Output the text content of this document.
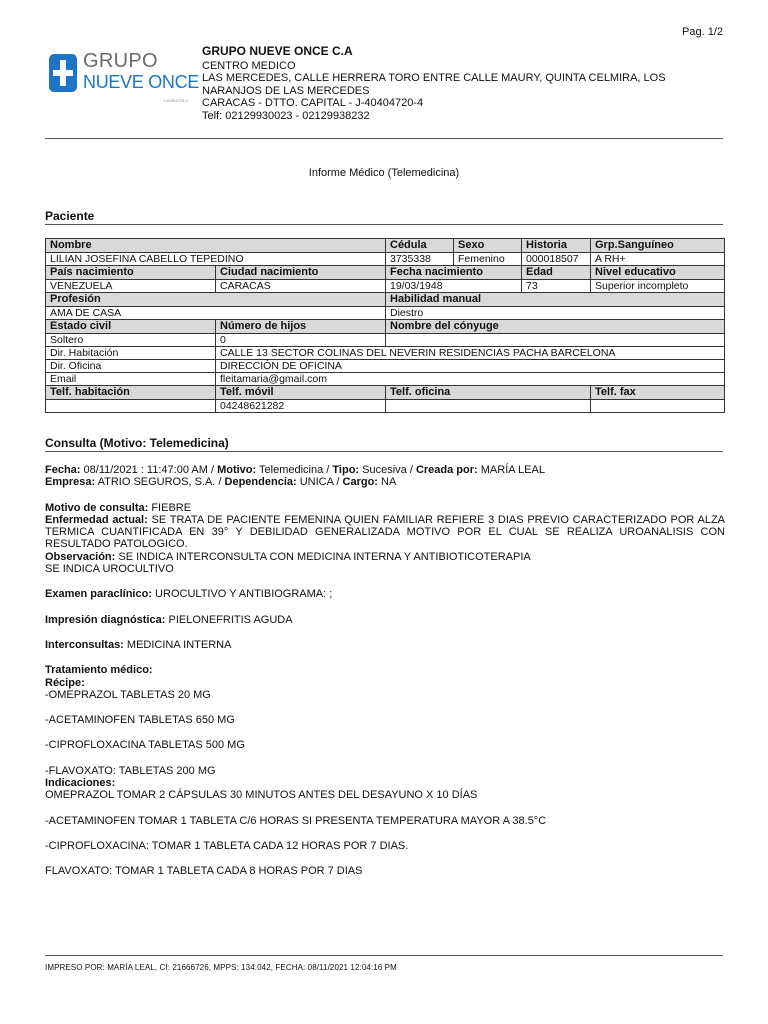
Pag. 1/2
GRUPO
NUEVE ONCE
J-40404720-4
GRUPO NUEVE ONCE C.A
CENTRO MEDICO
LAS MERCEDES, CALLE HERRERA TORO ENTRE CALLE MAURY, QUINTA CELMIRA, LOS NARANJOS DE LAS MERCEDES
CARACAS - DTTO. CAPITAL - J-40404720-4
Telf: 02129930023 - 02129938232
Informe Médico (Telemedicina)
Paciente
Nombre		Cédula	Sexo	Historia	Grp.Sanguíneo
LILIAN JOSEFINA CABELLO TEPEDINO		3735338	Femenino	000018507	A RH+
País nacimiento	Ciudad nacimiento	Fecha nacimiento		Edad	Nivel educativo
VENEZUELA	CARACAS	19/03/1948		73	Superior incompleto
Profesión		Habilidad manual			
AMA DE CASA		Diestro			
Estado civil	Número de hijos	Nombre del cónyuge			
Soltero	0				
Dir. Habitación	CALLE 13 SECTOR COLINAS DEL NEVERIN RESIDENCIAS PACHA BARCELONA				
Dir. Oficina	DIRECCIÓN DE OFICINA				
Email	fleitamaria@gmail.com				
Telf. habitación	Telf. móvil	Telf. oficina			Telf. fax
	04248621282				
Consulta (Motivo: Telemedicina)

Fecha: 08/11/2021 : 11:47:00 AM / Motivo: Telemedicina / Tipo: Sucesiva / Creada por: MARÍA LEAL

Empresa: ATRIO SEGUROS, S.A. / Dependencia: UNICA / Cargo: NA

Motivo de consulta: FIEBRE

Enfermedad actual: SE TRATA DE PACIENTE FEMENINA QUIEN FAMILIAR REFIERE 3 DIAS PREVIO CARACTERIZADO POR ALZA TERMICA CUANTIFICADA EN 39° Y DEBILIDAD GENERALIZADA MOTIVO POR EL CUAL SE REALIZA UROANALISIS CON RESULTADO PATOLOGICO.

Observación: SE INDICA INTERCONSULTA CON MEDICINA INTERNA Y ANTIBIOTICOTERAPIA

SE INDICA UROCULTIVO

Examen paraclínico: UROCULTIVO Y ANTIBIOGRAMA: ;

Impresión diagnóstica: PIELONEFRITIS AGUDA

Interconsultas: MEDICINA INTERNA

Tratamiento médico:

Récipe:

-OMEPRAZOL TABLETAS 20 MG

-ACETAMINOFEN TABLETAS 650 MG

-CIPROFLOXACINA TABLETAS 500 MG

-FLAVOXATO: TABLETAS 200 MG

Indicaciones:

OMEPRAZOL TOMAR 2 CÁPSULAS 30 MINUTOS ANTES DEL DESAYUNO X 10 DÍAS

-ACETAMINOFEN TOMAR 1 TABLETA C/6 HORAS SI PRESENTA TEMPERATURA MAYOR A 38.5°C

-CIPROFLOXACINA: TOMAR 1 TABLETA CADA 12 HORAS POR 7 DIAS.

FLAVOXATO: TOMAR 1 TABLETA CADA 8 HORAS POR 7 DIAS

IMPRESO POR: MARÍA LEAL, CI: 21666726, MPPS: 134.042, FECHA: 08/11/2021 12:04:16 PM
